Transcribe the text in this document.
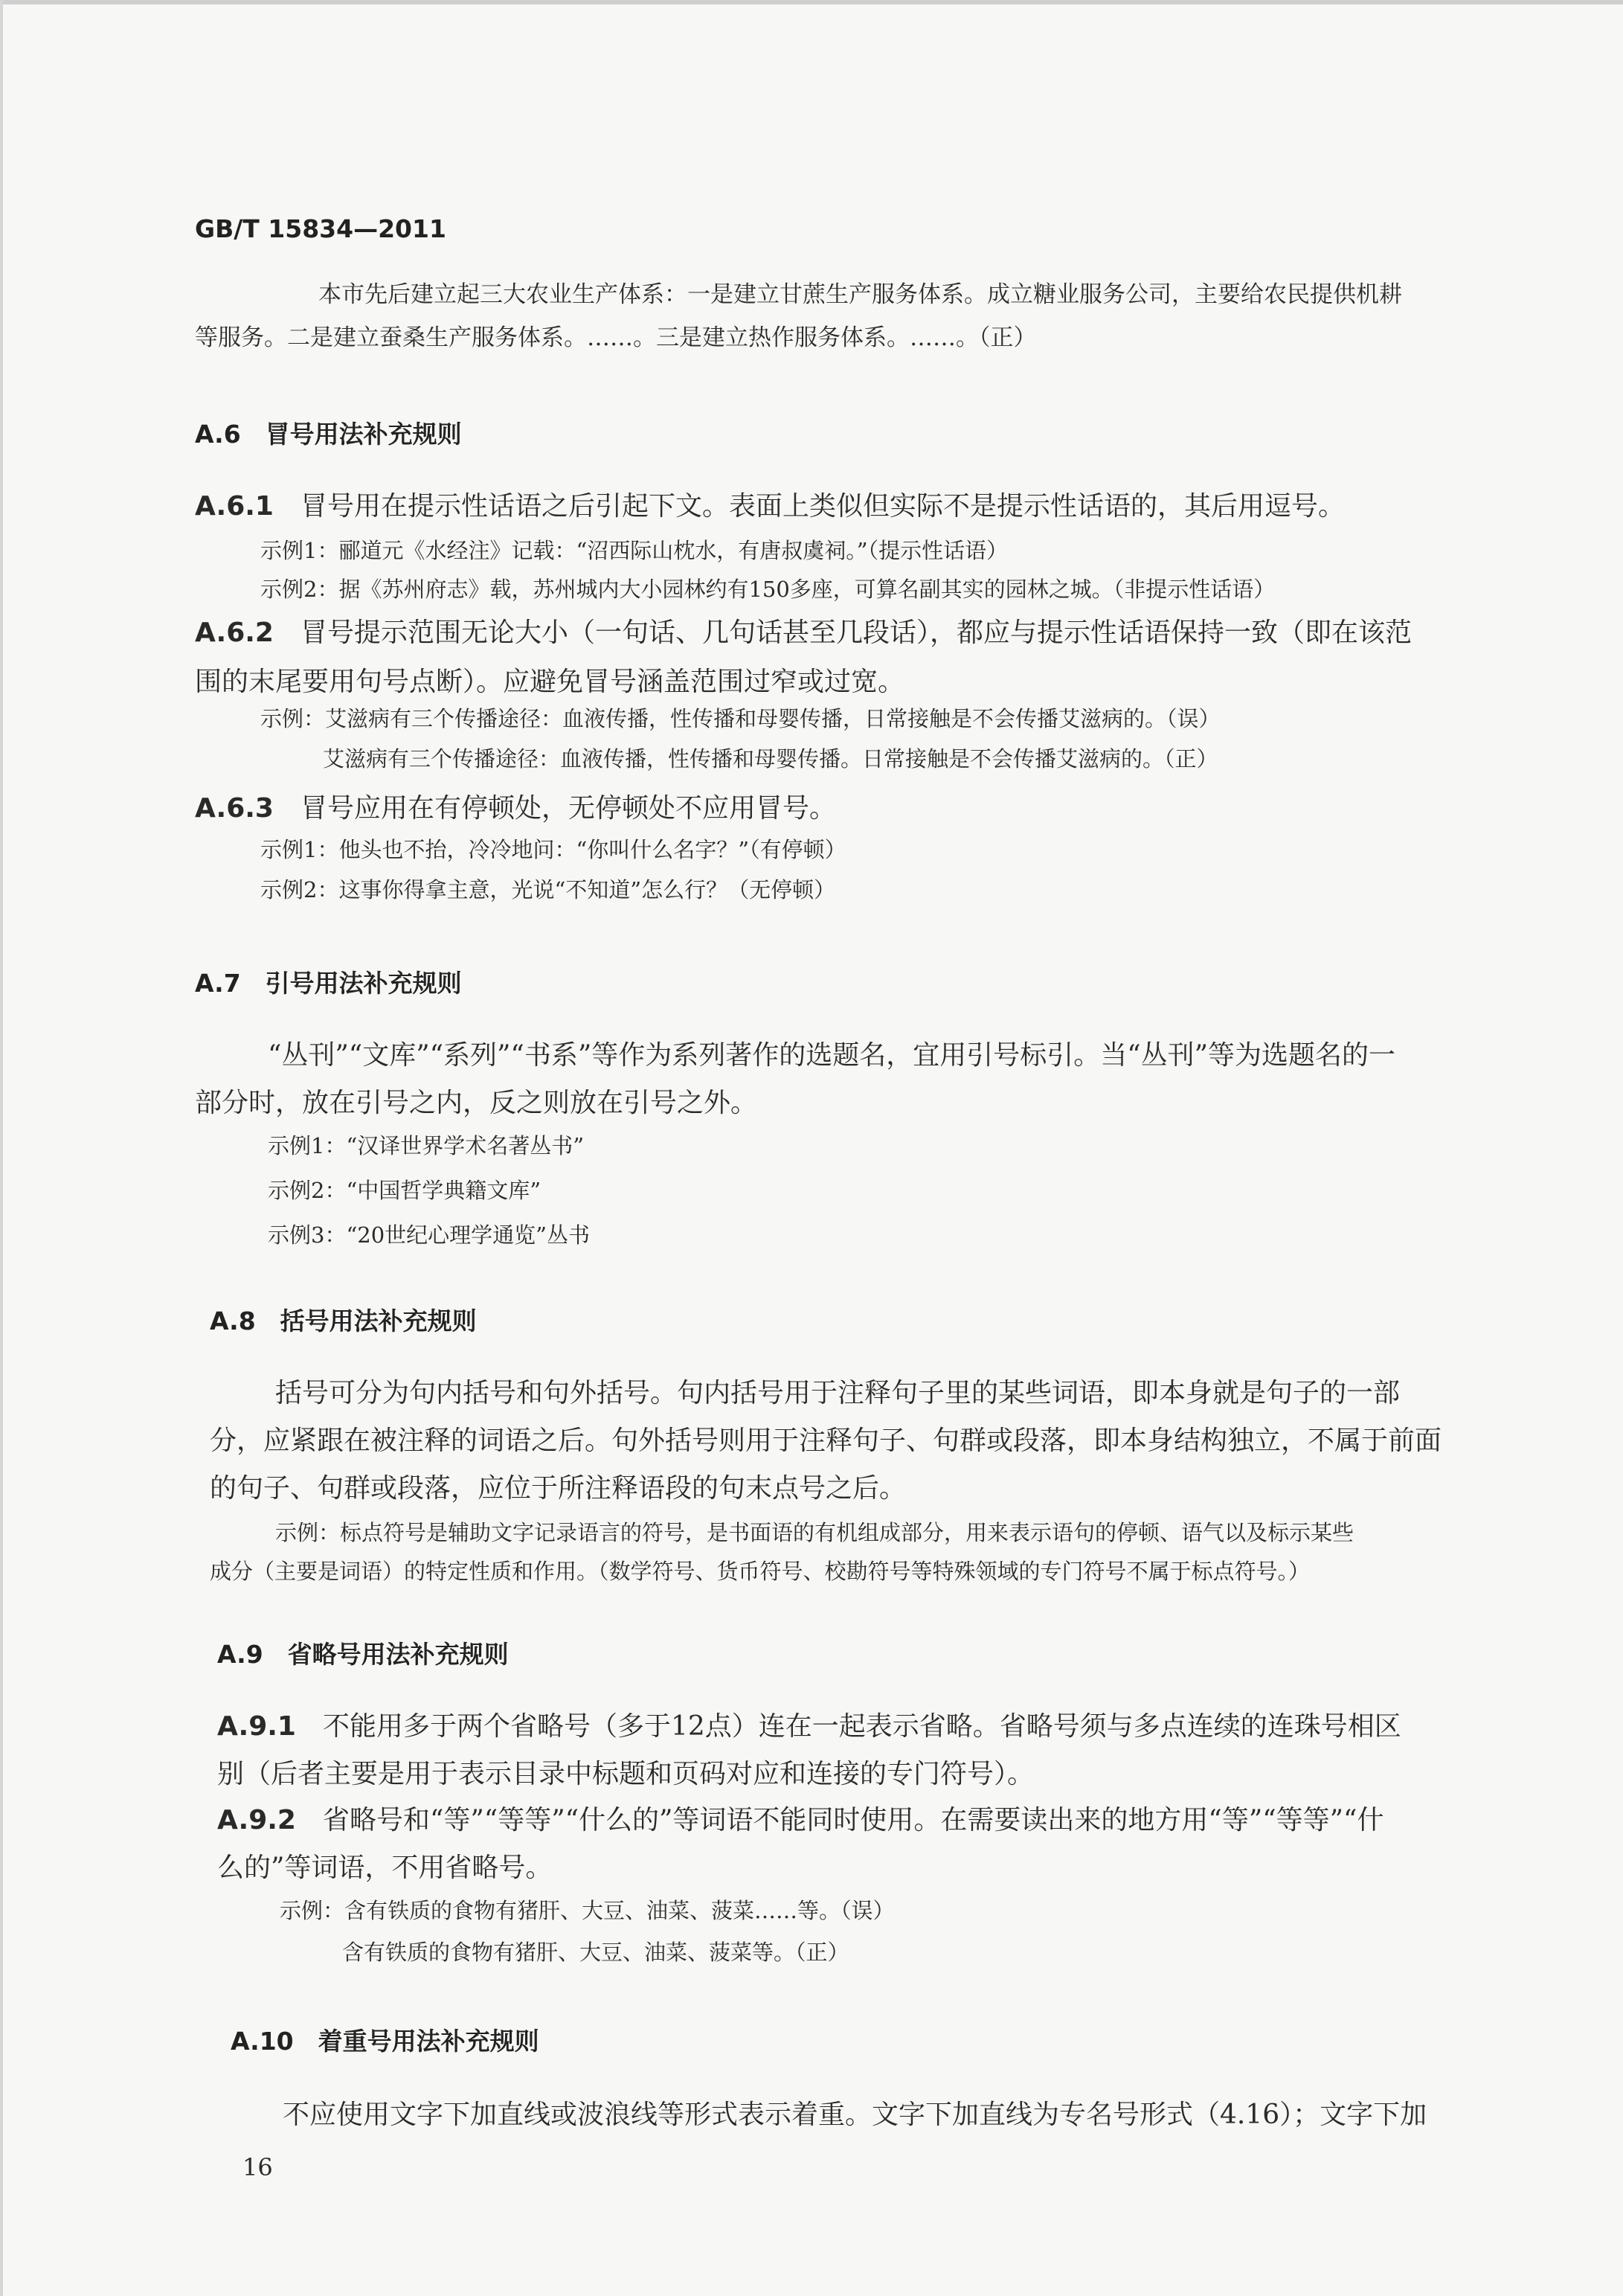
GB/T 15834—2011
本市先后建立起三大农业生产体系：一是建立甘蔗生产服务体系。成立糖业服务公司，主要给农民提供机耕
等服务。二是建立蚕桑生产服务体系。……。三是建立热作服务体系。……。（正）
A.6　冒号用法补充规则
A.6.1　 冒号用在提示性话语之后引起下文。表面上类似但实际不是提示性话语的，其后用逗号。
示例1：郦道元《水经注》记载：“沼西际山枕水，有唐叔虞祠。”（提示性话语）
示例2：据《苏州府志》载，苏州城内大小园林约有150多座，可算名副其实的园林之城。（非提示性话语）
A.6.2　 冒号提示范围无论大小（一句话、几句话甚至几段话），都应与提示性话语保持一致（即在该范
围的末尾要用句号点断）。应避免冒号涵盖范围过窄或过宽。
示例：艾滋病有三个传播途径：血液传播，性传播和母婴传播，日常接触是不会传播艾滋病的。（误）
艾滋病有三个传播途径：血液传播，性传播和母婴传播。日常接触是不会传播艾滋病的。（正）
A.6.3　 冒号应用在有停顿处，无停顿处不应用冒号。
示例1：他头也不抬，冷冷地问：“你叫什么名字？”（有停顿）
示例2：这事你得拿主意，光说“不知道”怎么行？（无停顿）
A.7　引号用法补充规则
“丛刊”“文库”“系列”“书系”等作为系列著作的选题名，宜用引号标引。当“丛刊”等为选题名的一
部分时，放在引号之内，反之则放在引号之外。
示例1：“汉译世界学术名著丛书”
示例2：“中国哲学典籍文库”
示例3：“20世纪心理学通览”丛书
A.8　括号用法补充规则
括号可分为句内括号和句外括号。句内括号用于注释句子里的某些词语，即本身就是句子的一部
分，应紧跟在被注释的词语之后。句外括号则用于注释句子、句群或段落，即本身结构独立，不属于前面
的句子、句群或段落，应位于所注释语段的句末点号之后。
示例：标点符号是辅助文字记录语言的符号，是书面语的有机组成部分，用来表示语句的停顿、语气以及标示某些
成分（主要是词语）的特定性质和作用。（数学符号、货币符号、校勘符号等特殊领域的专门符号不属于标点符号。）
A.9　省略号用法补充规则
A.9.1　 不能用多于两个省略号（多于12点）连在一起表示省略。省略号须与多点连续的连珠号相区
别（后者主要是用于表示目录中标题和页码对应和连接的专门符号）。
A.9.2　 省略号和“等”“等等”“什么的”等词语不能同时使用。在需要读出来的地方用“等”“等等”“什
么的”等词语，不用省略号。
示例：含有铁质的食物有猪肝、大豆、油菜、菠菜……等。（误）
含有铁质的食物有猪肝、大豆、油菜、菠菜等。（正）
A.10　着重号用法补充规则
不应使用文字下加直线或波浪线等形式表示着重。文字下加直线为专名号形式（4.16）；文字下加
16
